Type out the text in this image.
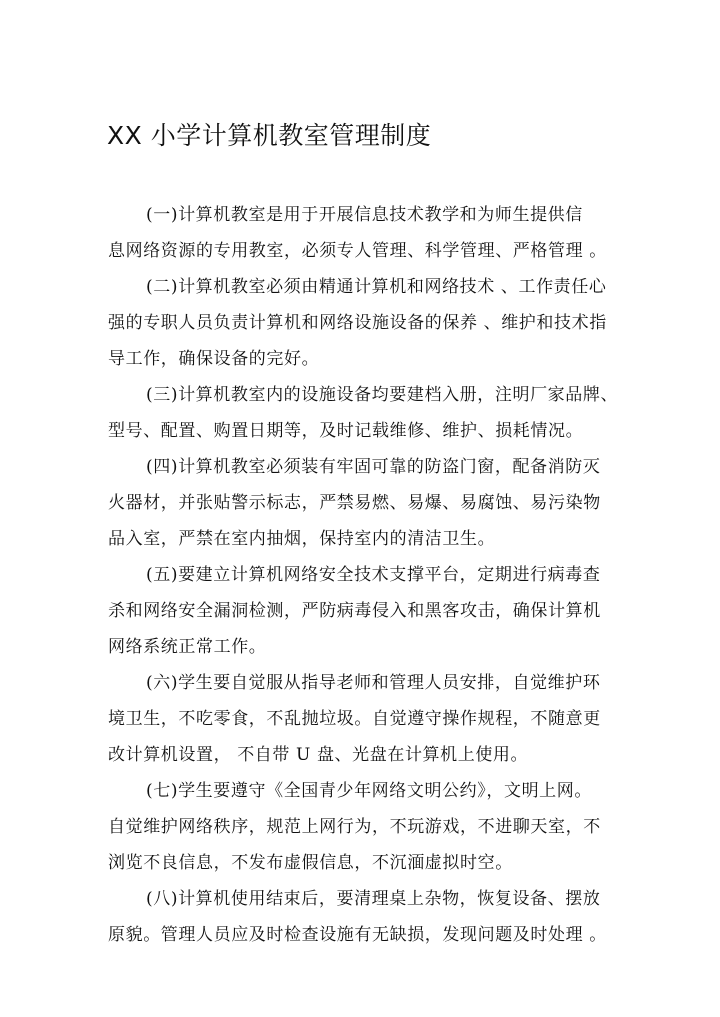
XX 小学计算机教室管理制度

(一)计算机教室是用于开展信息技术教学和为师生提供信
息网络资源的专用教室，必须专人管理、科学管理、严格管理 。

(二)计算机教室必须由精通计算机和网络技术 、工作责任心
强的专职人员负责计算机和网络设施设备的保养 、维护和技术指
导工作，确保设备的完好。

(三)计算机教室内的设施设备均要建档入册，注明厂家品牌、
型号、配置、购置日期等，及时记载维修、维护、损耗情况。

(四)计算机教室必须装有牢固可靠的防盗门窗，配备消防灭
火器材，并张贴警示标志，严禁易燃、易爆、易腐蚀、易污染物
品入室，严禁在室内抽烟，保持室内的清洁卫生。

(五)要建立计算机网络安全技术支撑平台，定期进行病毒查
杀和网络安全漏洞检测，严防病毒侵入和黑客攻击，确保计算机
网络系统正常工作。

(六)学生要自觉服从指导老师和管理人员安排，自觉维护环
境卫生，不吃零食，不乱抛垃圾。自觉遵守操作规程，不随意更
改计算机设置， 不自带 U 盘、光盘在计算机上使用。

(七)学生要遵守《全国青少年网络文明公约》，文明上网。
自觉维护网络秩序，规范上网行为，不玩游戏，不进聊天室，不
浏览不良信息，不发布虚假信息，不沉湎虚拟时空。

(八)计算机使用结束后，要清理桌上杂物，恢复设备、摆放
原貌。管理人员应及时检查设施有无缺损，发现问题及时处理 。
